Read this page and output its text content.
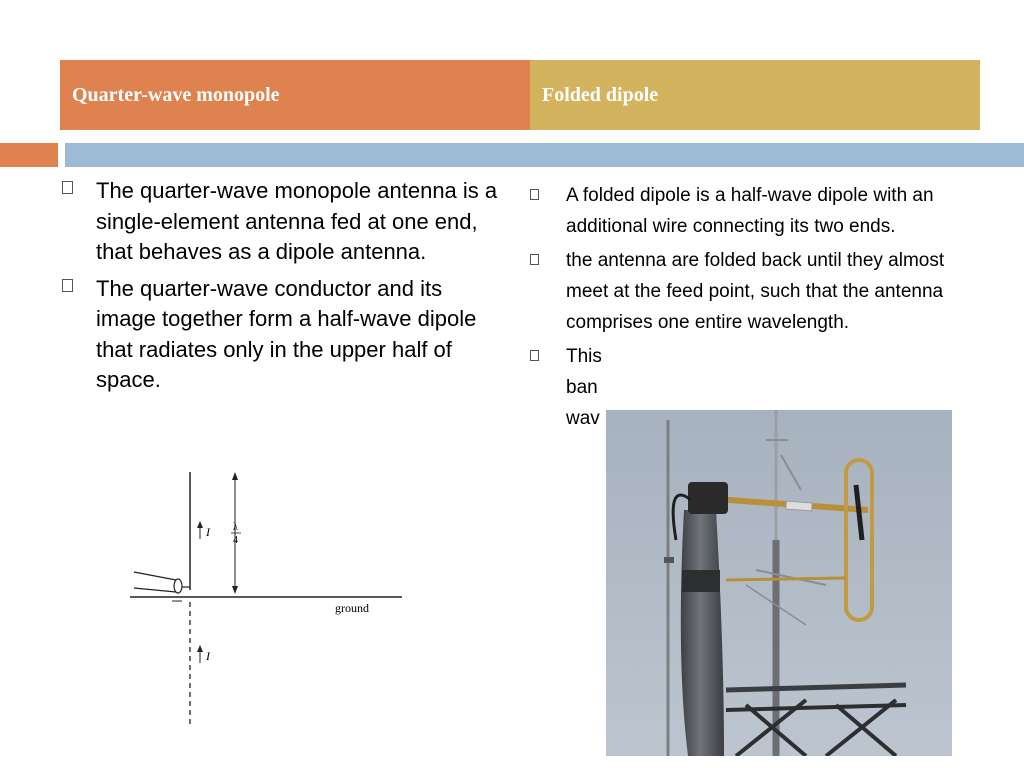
Quarter-wave monopole	Folded dipole
The quarter-wave monopole antenna is a single-element antenna fed at one end, that behaves as a dipole antenna.
The quarter-wave conductor and its image together form a half-wave dipole that radiates only in the upper half of space.
A folded dipole is a half-wave dipole with an additional wire connecting its two ends.
the antenna are folded back until they almost meet at the feed point, such that the antenna comprises one entire wavelength.
This
ban
wav
I
I
λ
4
ground
